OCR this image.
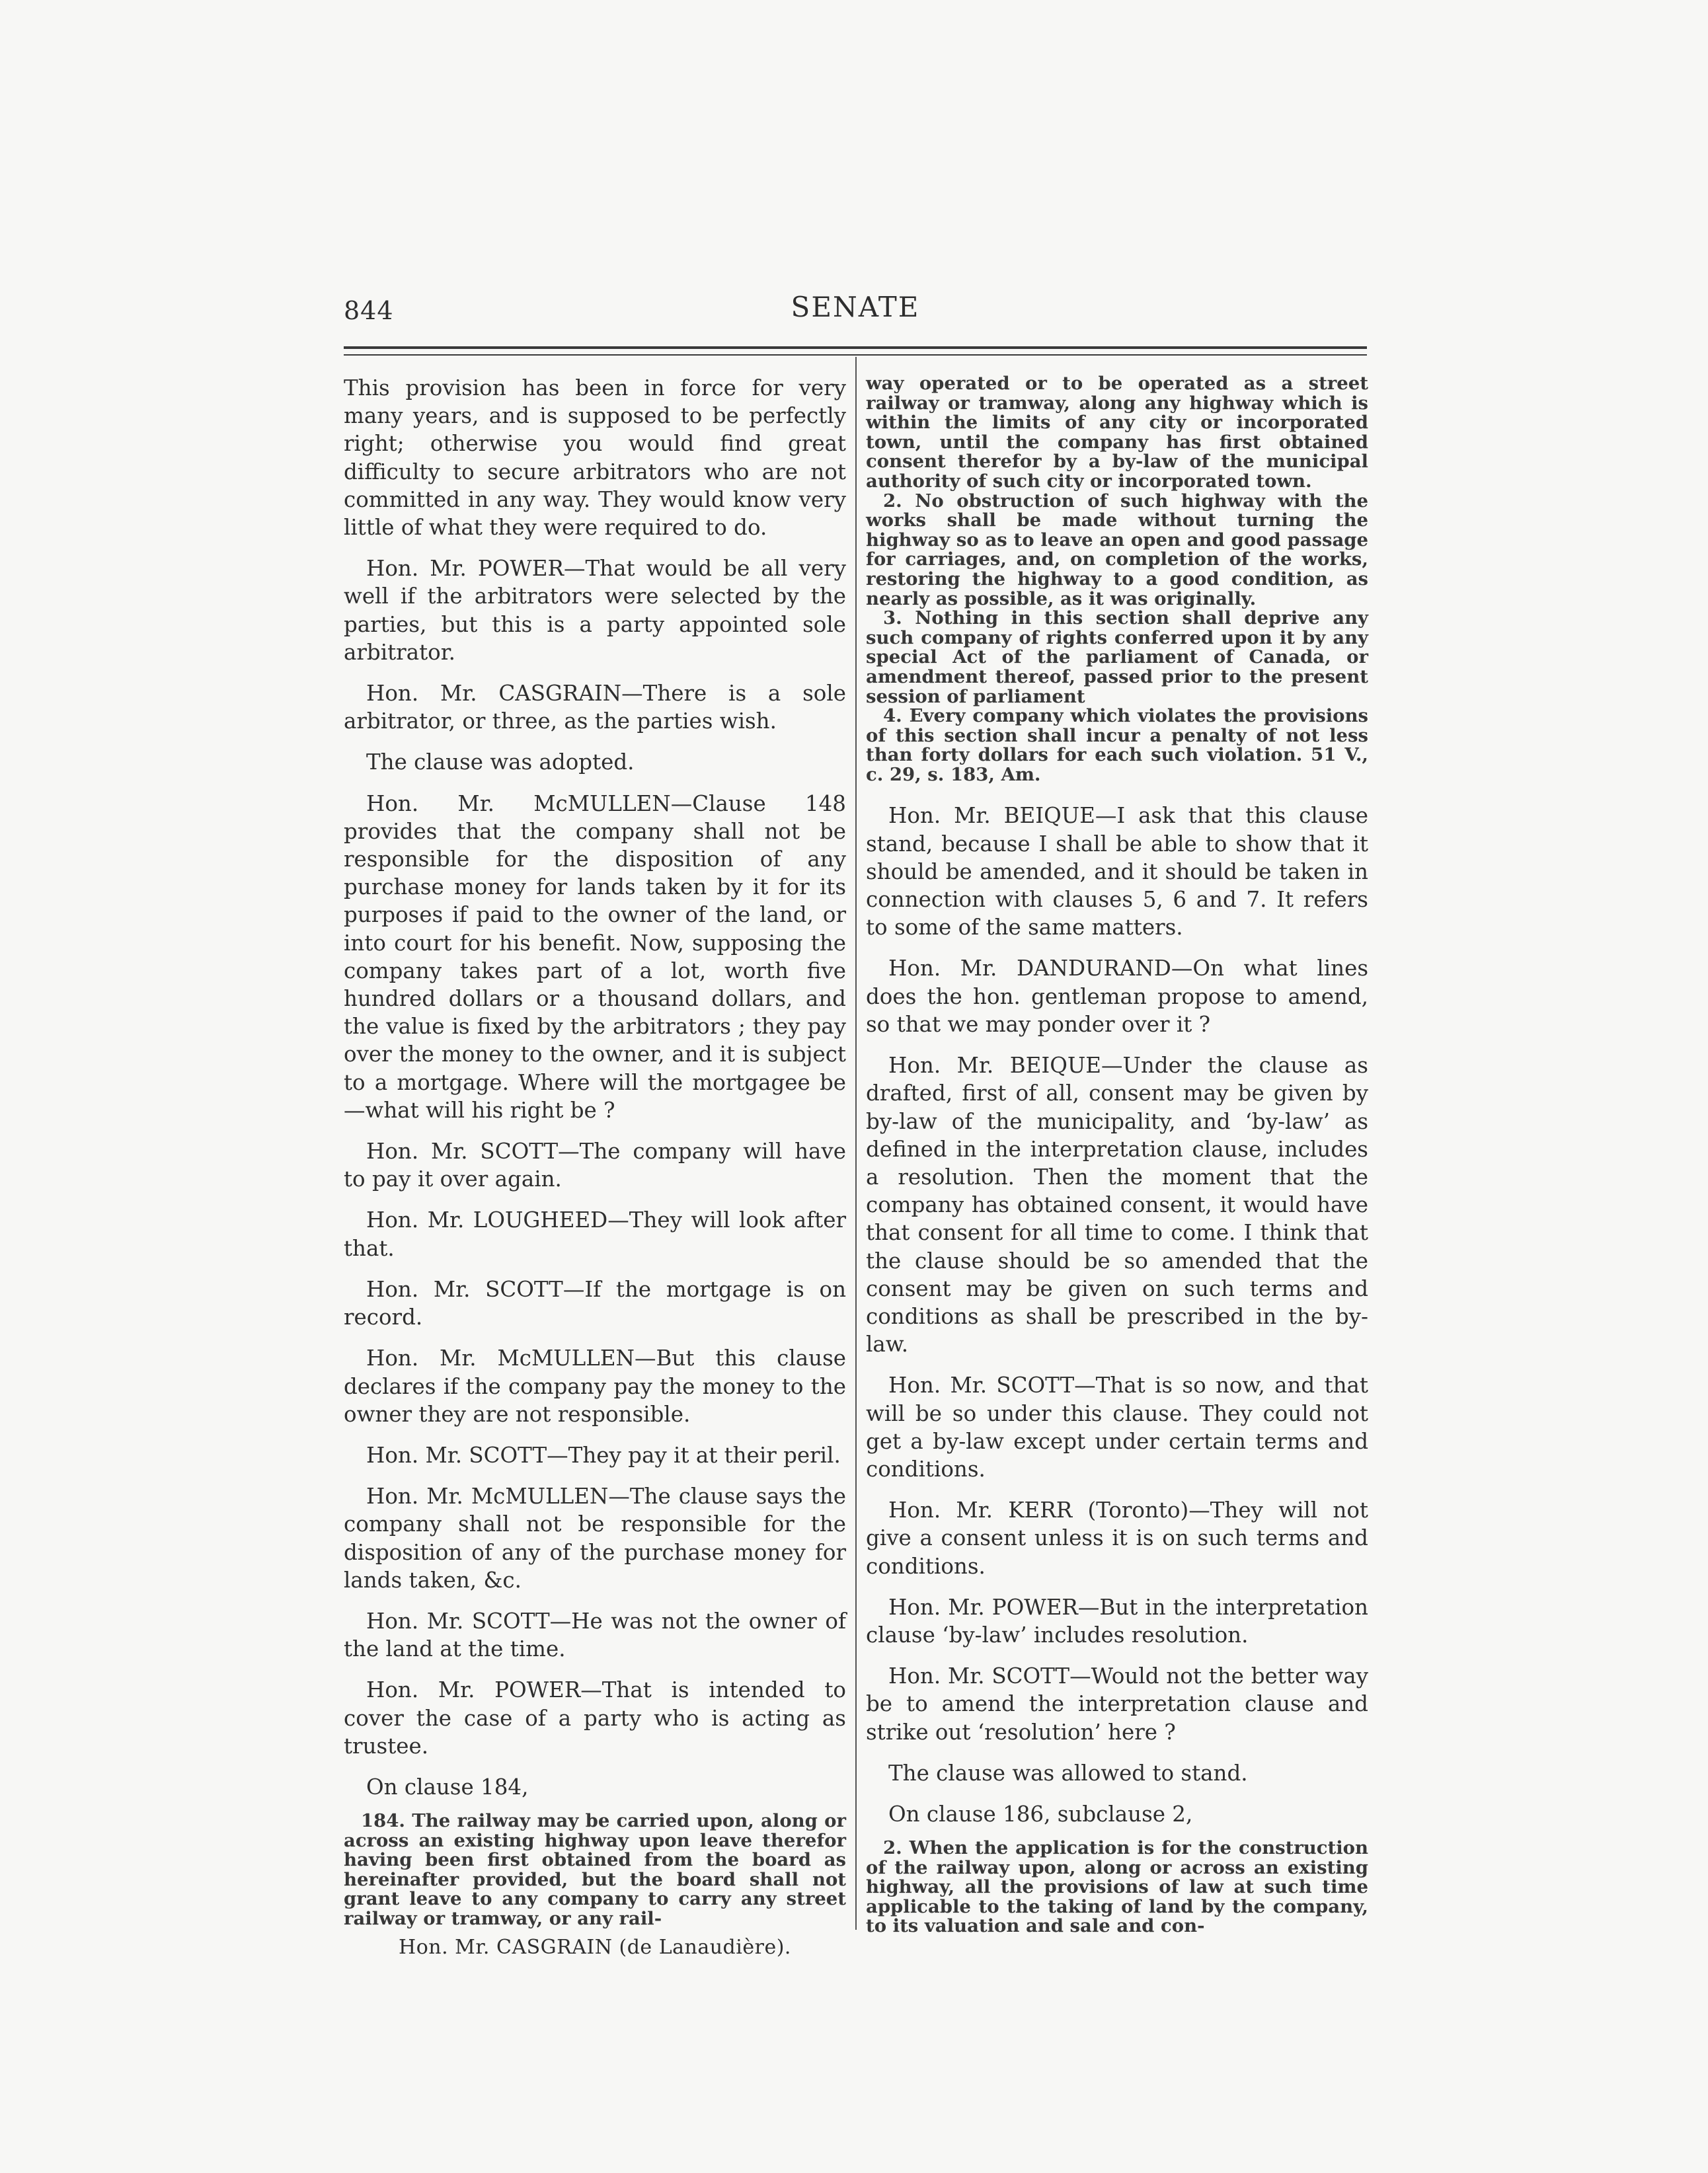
844	SENATE

This provision has been in force for very many years, and is supposed to be perfectly right; otherwise you would find great difficulty to secure arbitrators who are not committed in any way. They would know very little of what they were required to do.

Hon. Mr. POWER—That would be all very well if the arbitrators were selected by the parties, but this is a party appointed sole arbitrator.

Hon. Mr. CASGRAIN—There is a sole arbitrator, or three, as the parties wish.

The clause was adopted.

Hon. Mr. McMULLEN—Clause 148 provides that the company shall not be responsible for the disposition of any purchase money for lands taken by it for its purposes if paid to the owner of the land, or into court for his benefit. Now, supposing the company takes part of a lot, worth five hundred dollars or a thousand dollars, and the value is fixed by the arbitrators ; they pay over the money to the owner, and it is subject to a mortgage. Where will the mortgagee be—what will his right be ?

Hon. Mr. SCOTT—The company will have to pay it over again.

Hon. Mr. LOUGHEED—They will look after that.

Hon. Mr. SCOTT—If the mortgage is on record.

Hon. Mr. McMULLEN—But this clause declares if the company pay the money to the owner they are not responsible.

Hon. Mr. SCOTT—They pay it at their peril.

Hon. Mr. McMULLEN—The clause says the company shall not be responsible for the disposition of any of the purchase money for lands taken, &c.

Hon. Mr. SCOTT—He was not the owner of the land at the time.

Hon. Mr. POWER—That is intended to cover the case of a party who is acting as trustee.

On clause 184,

184. The railway may be carried upon, along or across an existing highway upon leave therefor having been first obtained from the board as hereinafter provided, but the board shall not grant leave to any company to carry any street railway or tramway, or any rail-

Hon. Mr. CASGRAIN (de Lanaudière).

way operated or to be operated as a street railway or tramway, along any highway which is within the limits of any city or incorporated town, until the company has first obtained consent therefor by a by-law of the municipal authority of such city or incorporated town.

2. No obstruction of such highway with the works shall be made without turning the highway so as to leave an open and good passage for carriages, and, on completion of the works, restoring the highway to a good condition, as nearly as possible, as it was originally.

3. Nothing in this section shall deprive any such company of rights conferred upon it by any special Act of the parliament of Canada, or amendment thereof, passed prior to the present session of parliament

4. Every company which violates the provisions of this section shall incur a penalty of not less than forty dollars for each such violation. 51 V., c. 29, s. 183, Am.

Hon. Mr. BEIQUE—I ask that this clause stand, because I shall be able to show that it should be amended, and it should be taken in connection with clauses 5, 6 and 7. It refers to some of the same matters.

Hon. Mr. DANDURAND—On what lines does the hon. gentleman propose to amend, so that we may ponder over it ?

Hon. Mr. BEIQUE—Under the clause as drafted, first of all, consent may be given by by-law of the municipality, and ‘by-law’ as defined in the interpretation clause, includes a resolution. Then the moment that the company has obtained consent, it would have that consent for all time to come. I think that the clause should be so amended that the consent may be given on such terms and conditions as shall be prescribed in the by-law.

Hon. Mr. SCOTT—That is so now, and that will be so under this clause. They could not get a by-law except under certain terms and conditions.

Hon. Mr. KERR (Toronto)—They will not give a consent unless it is on such terms and conditions.

Hon. Mr. POWER—But in the interpretation clause ‘by-law’ includes resolution.

Hon. Mr. SCOTT—Would not the better way be to amend the interpretation clause and strike out ‘resolution’ here ?

The clause was allowed to stand.

On clause 186, subclause 2,

2. When the application is for the construction of the railway upon, along or across an existing highway, all the provisions of law at such time applicable to the taking of land by the company, to its valuation and sale and con-
